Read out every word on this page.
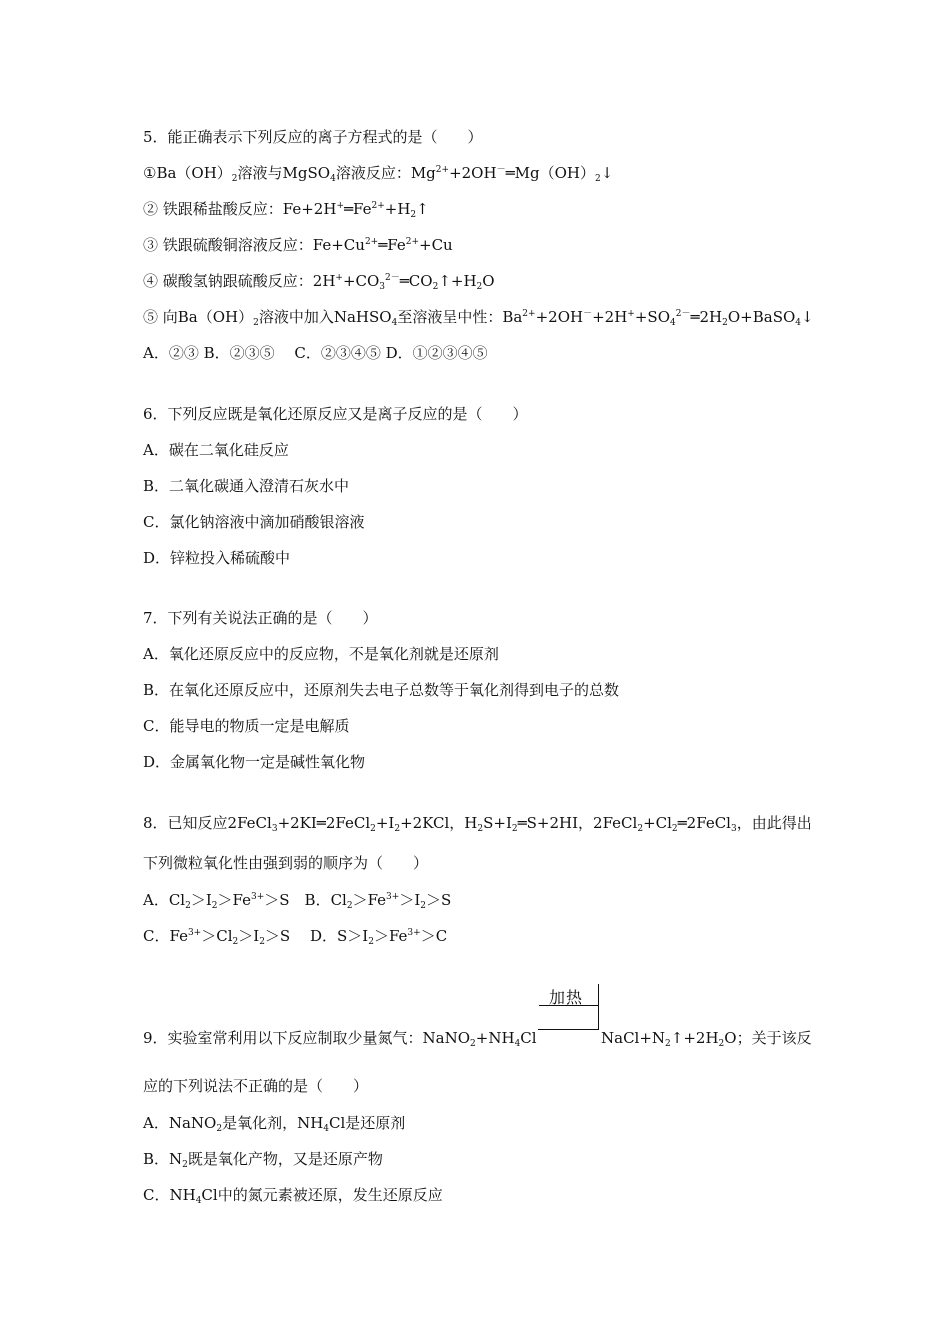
5．能正确表示下列反应的离子方程式的是（　　）
$①Ba(OH)_2$溶液与MgSO$_4$溶液反应：$Mg^{2+}+2OH^-═Mg(OH)_2↓$
② 铁跟稀盐酸反应：$Fe+2H^+═Fe^{2+}+H_2↑$
③ 铁跟硫酸铜溶液反应：$Fe+Cu^{2+}═Fe^{2+}+Cu$
④ 碳酸氢钠跟硫酸反应：$2H^++CO_3^{2-}═CO_2↑+H_2O$
⑤ 向$Ba(OH)_2$溶液中加入NaHSO$_4$至溶液呈中性：$Ba^{2+}+2OH^-+2H^++SO_4^{2-}═2H_2O+BaSO_4↓$
A．②③ B．②③⑤　 C．②③④⑤ D．①②③④⑤
6．下列反应既是氧化还原反应又是离子反应的是（　　）
A．碳在二氧化硅反应
B．二氧化碳通入澄清石灰水中
C．氯化钠溶液中滴加硝酸银溶液
D．锌粒投入稀硫酸中
7．下列有关说法正确的是（　　）
A．氧化还原反应中的反应物，不是氧化剂就是还原剂
B．在氧化还原反应中，还原剂失去电子总数等于氧化剂得到电子的总数
C．能导电的物质一定是电解质
D．金属氧化物一定是碱性氧化物
8．已知反应$2FeCl_3+2KI═2FeCl_2+I_2+2KCl$，$H_2S+I_2═S+2HI$，$2FeCl_2+Cl_2═2FeCl_3$，由此得出
下列微粒氧化性由强到弱的顺序为（　　）
A．$Cl_2>I_2>Fe^{3+}>S$　B．$Cl_2>Fe^{3+}>I_2>S$
C．$Fe^{3+}>Cl_2>I_2>S$　 D．$S>I_2>Fe^{3+}>C$
加热
9．实验室常利用以下反应制取少量氮气：$NaNO_2+NH_4Cl$	$NaCl+N_2↑+2H_2O$；关于该反
应的下列说法不正确的是（　　）
A．NaNO$_2$是氧化剂，$NH_4Cl$是还原剂
B．$N_2$既是氧化产物，又是还原产物
C．$NH_4Cl$中的氮元素被还原，发生还原反应
